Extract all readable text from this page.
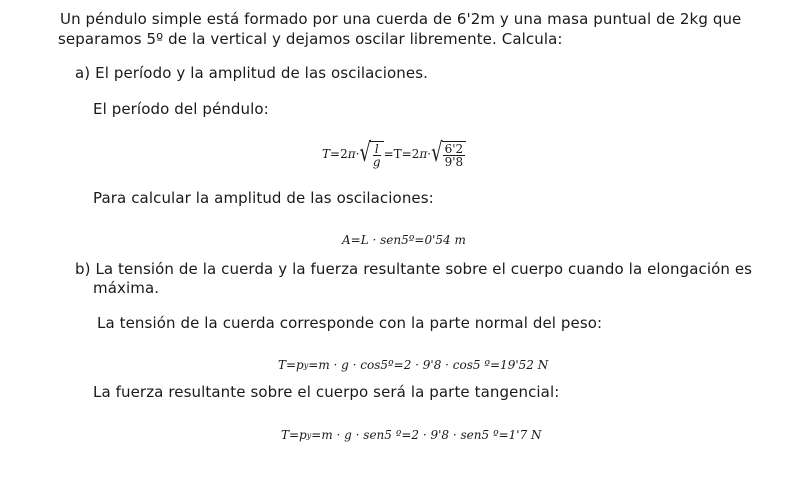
Un péndulo simple está formado por una cuerda de 6'2m y una masa puntual de 2kg que
separamos 5º de la vertical y dejamos oscilar libremente. Calcula:
a) El período y la amplitud de las oscilaciones.
El período del péndulo:
T =2 π · √ $\frac{l}{g} =T=2$ π · √ $\frac{6'2}{9'8}$
Para calcular la amplitud de las oscilaciones:
A=L · sen5º=0'54 m
b) La tensión de la cuerda y la fuerza resultante sobre el cuerpo cuando la elongación es
máxima.
La tensión de la cuerda corresponde con la parte normal del peso:
T=p y =m · g · cos5º=2 · 9'8 · cos5 º=19'52 N
La fuerza resultante sobre el cuerpo será la parte tangencial:
T=p y =m · g · sen5 º=2 · 9'8 · sen5 º=1'7 N
